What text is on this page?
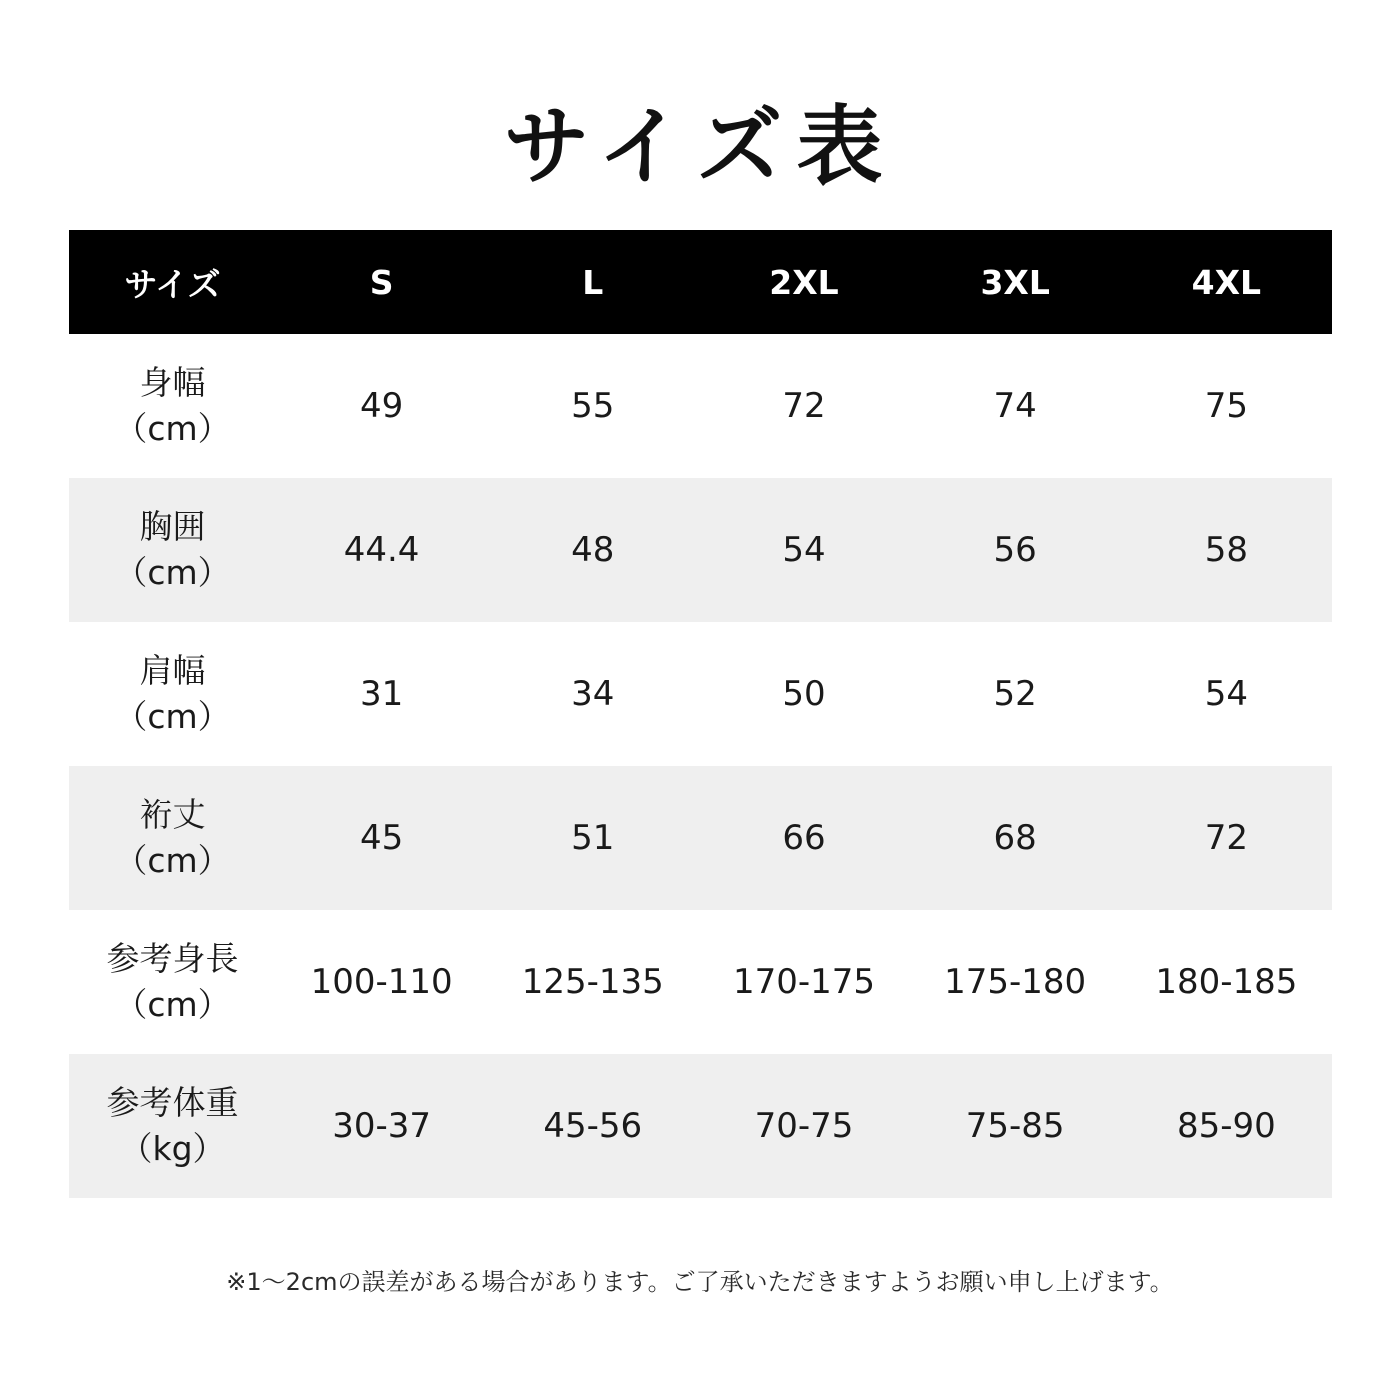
サイズ表
サイズ	S	L	2XL	3XL	4XL

身幅
（cm）	49	55	72	74	75

胸囲
（cm）	44.4	48	54	56	58

肩幅
（cm）	31	34	50	52	54

裄丈
（cm）	45	51	66	68	72

参考身長
（cm）	100-110	125-135	170-175	175-180	180-185

参考体重
（kg）	30-37	45-56	70-75	75-85	85-90
※1〜2cmの誤差がある場合があります。ご了承いただきますようお願い申し上げます。
